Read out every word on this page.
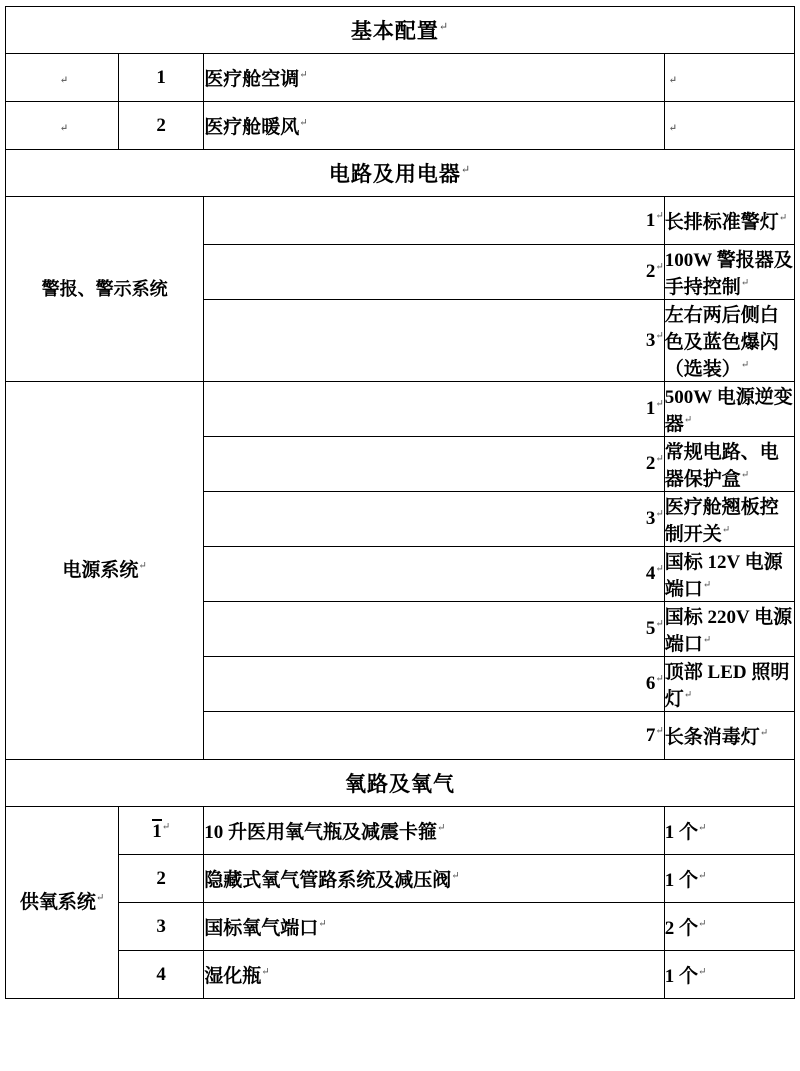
基本配置↵
↵	1	医疗舱空调↵	↵
↵	2	医疗舱暖风↵	↵
电路及用电器↵
警报、警示系统		1↵	长排标准警灯↵
		2↵	100W 警报器及手持控制↵
		3↵	左右两后侧白色及蓝色爆闪（选装）↵
电源系统↵		1↵	500W 电源逆变器↵
		2↵	常规电路、电器保护盒↵
		3↵	医疗舱翘板控制开关↵
		4↵	国标 12V 电源端口↵
		5↵	国标 220V 电源端口↵
		6↵	顶部 LED 照明灯↵
		7↵	长条消毒灯↵
氧路及氧气			
供氧系统↵	1↵	10 升医用氧气瓶及减震卡箍↵	1 个↵
	2	隐藏式氧气管路系统及减压阀↵	1 个↵
	3	国标氧气端口↵	2 个↵
	4	湿化瓶↵	1 个↵
